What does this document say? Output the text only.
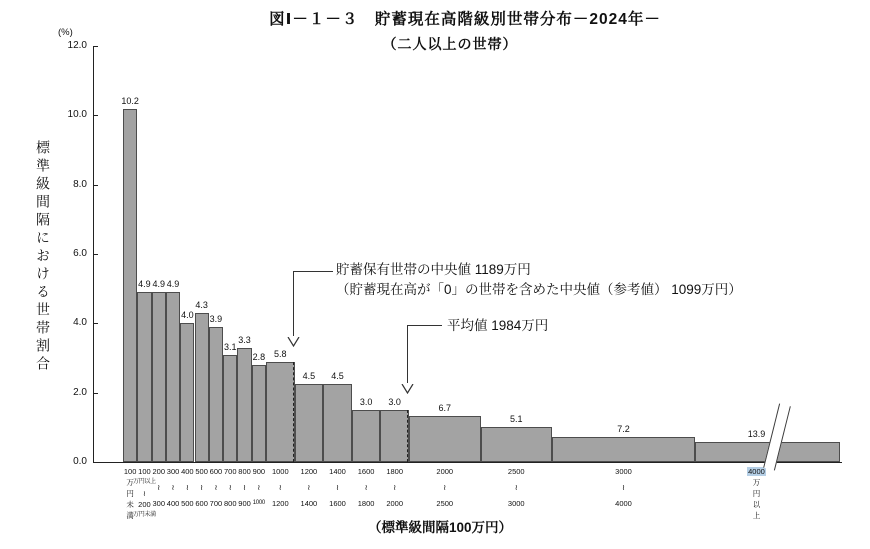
図Ⅰ－１－３　貯蓄現在高階級別世帯分布－2024年－
（二人以上の世帯）
(%)
標準級間隔における世帯割合
（標準級間隔100万円）
貯蓄保有世帯の中央値 1189万円
（貯蓄現在高が「0」の世帯を含めた中央値（参考値） 1099万円）
平均値 1984万円
0.0
2.0
4.0
6.0
8.0
10.0
12.0
10.2
100
万
円
未
満
4.9
100
万円以上
≀
200
万円未満
4.9
200
≀
300
4.9
300
≀
400
4.0
400
≀
500
4.3
500
≀
600
3.9
600
≀
700
3.1
700
≀
800
3.3
800
≀
900
2.8
900
≀
1000
5.8
1000
≀
1200
4.5
1200
≀
1400
4.5
1400
≀
1600
3.0
1600
≀
1800
3.0
1800
≀
2000
6.7
2000
≀
2500
5.1
2500
≀
3000
7.2
3000
≀
4000
13.9
4000
万
円
以
上
